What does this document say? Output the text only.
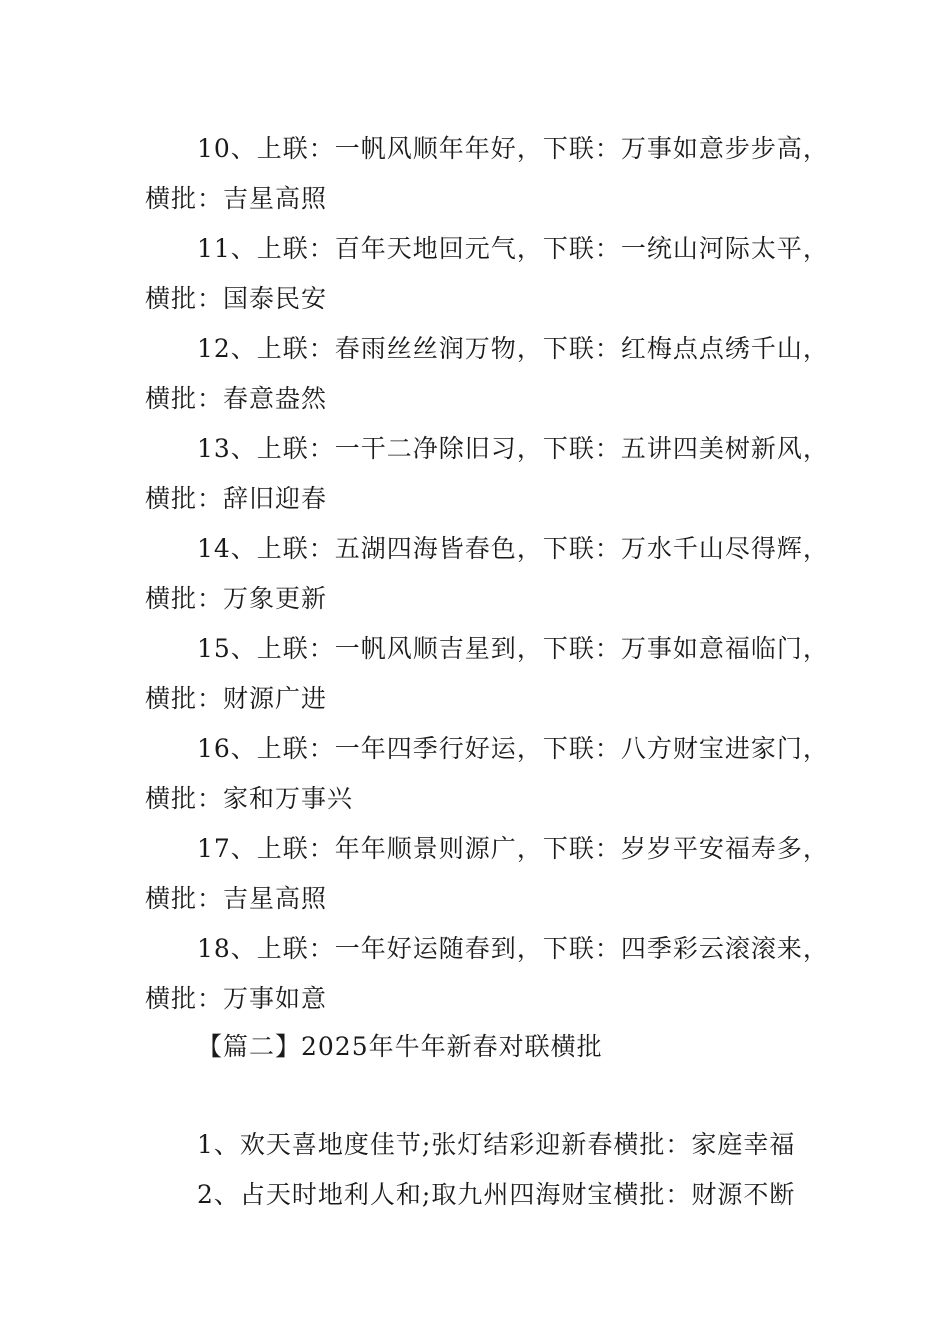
10、上联：一帆风顺年年好，下联：万事如意步步高，
横批：吉星高照
11、上联：百年天地回元气，下联：一统山河际太平，
横批：国泰民安
12、上联：春雨丝丝润万物，下联：红梅点点绣千山，
横批：春意盎然
13、上联：一干二净除旧习，下联：五讲四美树新风，
横批：辞旧迎春
14、上联：五湖四海皆春色，下联：万水千山尽得辉，
横批：万象更新
15、上联：一帆风顺吉星到，下联：万事如意福临门，
横批：财源广进
16、上联：一年四季行好运，下联：八方财宝进家门，
横批：家和万事兴
17、上联：年年顺景则源广，下联：岁岁平安福寿多，
横批：吉星高照
18、上联：一年好运随春到，下联：四季彩云滚滚来，
横批：万事如意
【篇二】2025年牛年新春对联横批
1、欢天喜地度佳节;张灯结彩迎新春横批：家庭幸福
2、占天时地利人和;取九州四海财宝横批：财源不断
